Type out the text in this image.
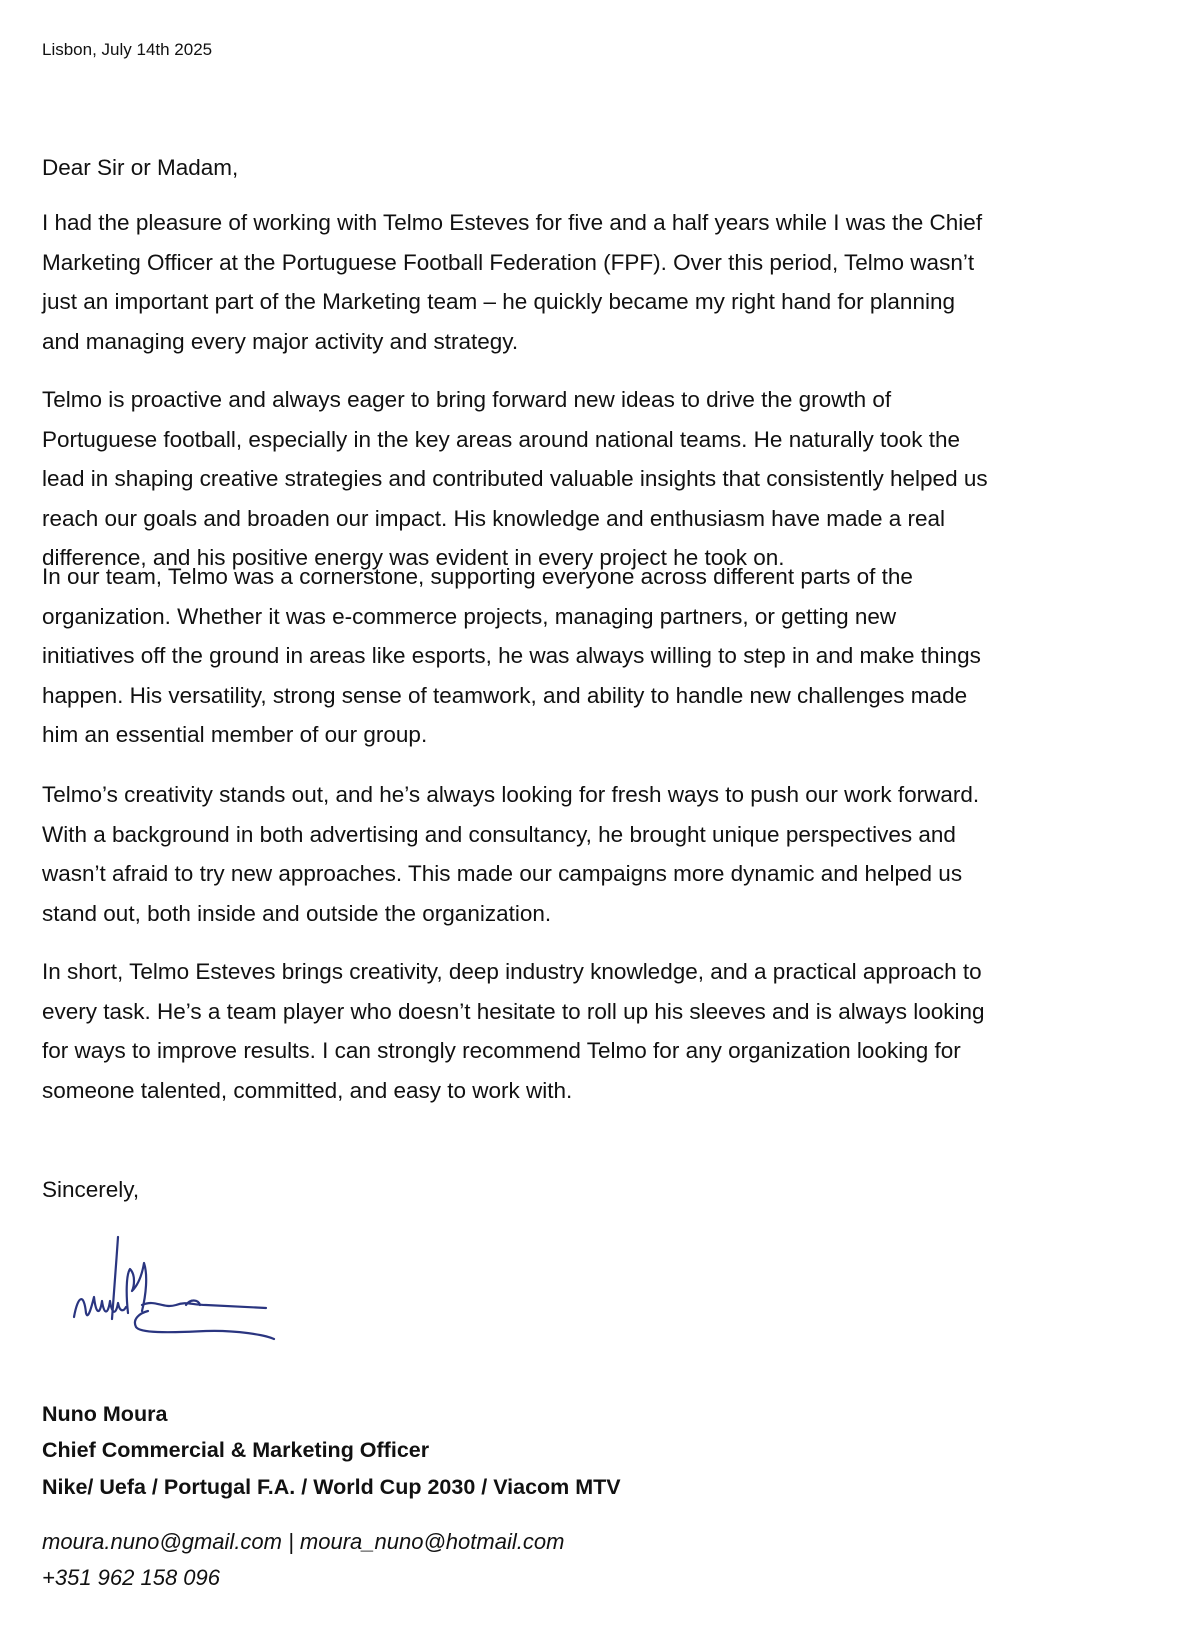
Lisbon, July 14th 2025
Dear Sir or Madam,
I had the pleasure of working with Telmo Esteves for five and a half years while I was the Chief
Marketing Officer at the Portuguese Football Federation (FPF). Over this period, Telmo wasn’t
just an important part of the Marketing team – he quickly became my right hand for planning
and managing every major activity and strategy.
Telmo is proactive and always eager to bring forward new ideas to drive the growth of
Portuguese football, especially in the key areas around national teams. He naturally took the
lead in shaping creative strategies and contributed valuable insights that consistently helped us
reach our goals and broaden our impact. His knowledge and enthusiasm have made a real
difference, and his positive energy was evident in every project he took on.
In our team, Telmo was a cornerstone, supporting everyone across different parts of the
organization. Whether it was e-commerce projects, managing partners, or getting new
initiatives off the ground in areas like esports, he was always willing to step in and make things
happen. His versatility, strong sense of teamwork, and ability to handle new challenges made
him an essential member of our group.
Telmo’s creativity stands out, and he’s always looking for fresh ways to push our work forward.
With a background in both advertising and consultancy, he brought unique perspectives and
wasn’t afraid to try new approaches. This made our campaigns more dynamic and helped us
stand out, both inside and outside the organization.
In short, Telmo Esteves brings creativity, deep industry knowledge, and a practical approach to
every task. He’s a team player who doesn’t hesitate to roll up his sleeves and is always looking
for ways to improve results. I can strongly recommend Telmo for any organization looking for
someone talented, committed, and easy to work with.
Sincerely,
Nuno Moura
Chief Commercial & Marketing Officer
Nike/ Uefa / Portugal F.A. / World Cup 2030 / Viacom MTV
moura.nuno@gmail.com | moura_nuno@hotmail.com
+351 962 158 096
